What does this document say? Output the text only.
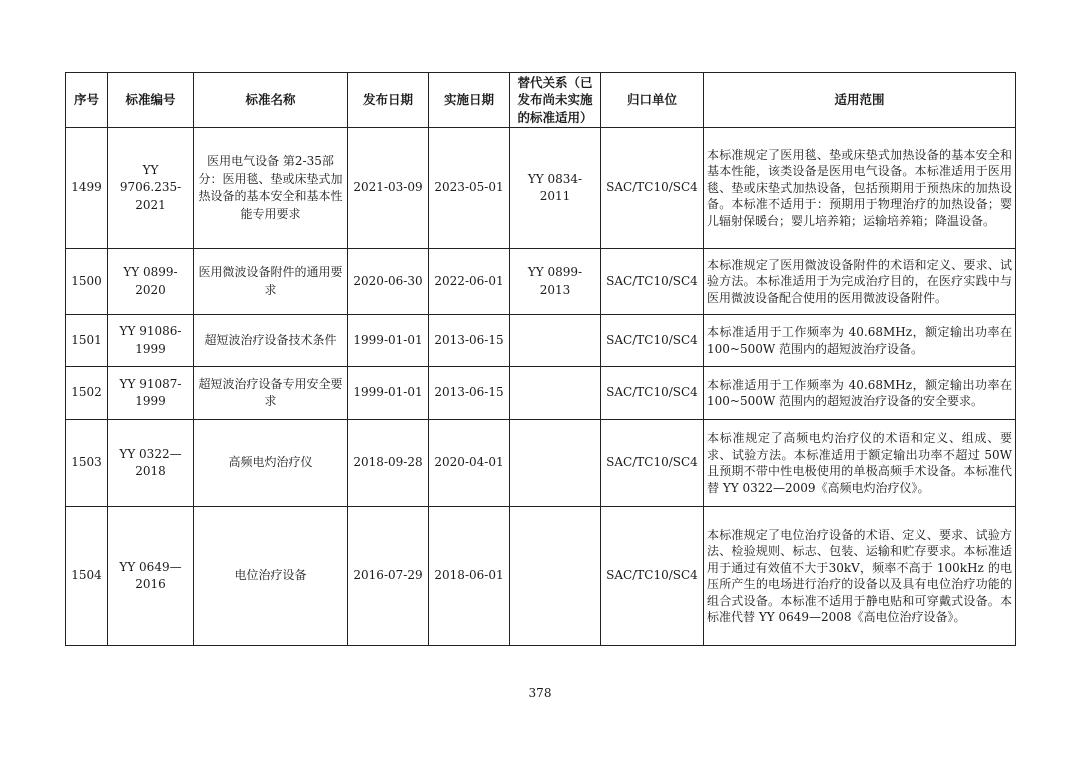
序号	标准编号	标准名称	发布日期	实施日期	替代关系（已发布尚未实施的标准适用）	归口单位	适用范围
1499	YY 9706.235-2021	医用电气设备 第2-35部分：医用毯、垫或床垫式加热设备的基本安全和基本性能专用要求	2021-03-09	2023-05-01	YY 0834-2011	SAC/TC10/SC4	本标准规定了医用毯、垫或床垫式加热设备的基本安全和基本性能，该类设备是医用电气设备。本标准适用于医用毯、垫或床垫式加热设备，包括预期用于预热床的加热设备。本标准不适用于：预期用于物理治疗的加热设备；婴儿辐射保暖台；婴儿培养箱；运输培养箱；降温设备。
1500	YY 0899-2020	医用微波设备附件的通用要求	2020-06-30	2022-06-01	YY 0899-2013	SAC/TC10/SC4	本标准规定了医用微波设备附件的术语和定义、要求、试验方法。本标准适用于为完成治疗目的，在医疗实践中与医用微波设备配合使用的医用微波设备附件。
1501	YY 91086-1999	超短波治疗设备技术条件	1999-01-01	2013-06-15		SAC/TC10/SC4	本标准适用于工作频率为 40.68MHz，额定输出功率在 100~500W 范围内的超短波治疗设备。
1502	YY 91087-1999	超短波治疗设备专用安全要求	1999-01-01	2013-06-15		SAC/TC10/SC4	本标准适用于工作频率为 40.68MHz，额定输出功率在 100~500W 范围内的超短波治疗设备的安全要求。
1503	YY 0322—2018	高频电灼治疗仪	2018-09-28	2020-04-01		SAC/TC10/SC4	本标准规定了高频电灼治疗仪的术语和定义、组成、要求、试验方法。本标准适用于额定输出功率不超过 50W 且预期不带中性电极使用的单极高频手术设备。本标准代替 YY 0322—2009《高频电灼治疗仪》。
1504	YY 0649—2016	电位治疗设备	2016-07-29	2018-06-01		SAC/TC10/SC4	本标准规定了电位治疗设备的术语、定义、要求、试验方法、检验规则、标志、包装、运输和贮存要求。本标准适用于通过有效值不大于30kV，频率不高于 100kHz 的电压所产生的电场进行治疗的设备以及具有电位治疗功能的组合式设备。本标准不适用于静电贴和可穿戴式设备。本标准代替 YY 0649—2008《高电位治疗设备》。
378
